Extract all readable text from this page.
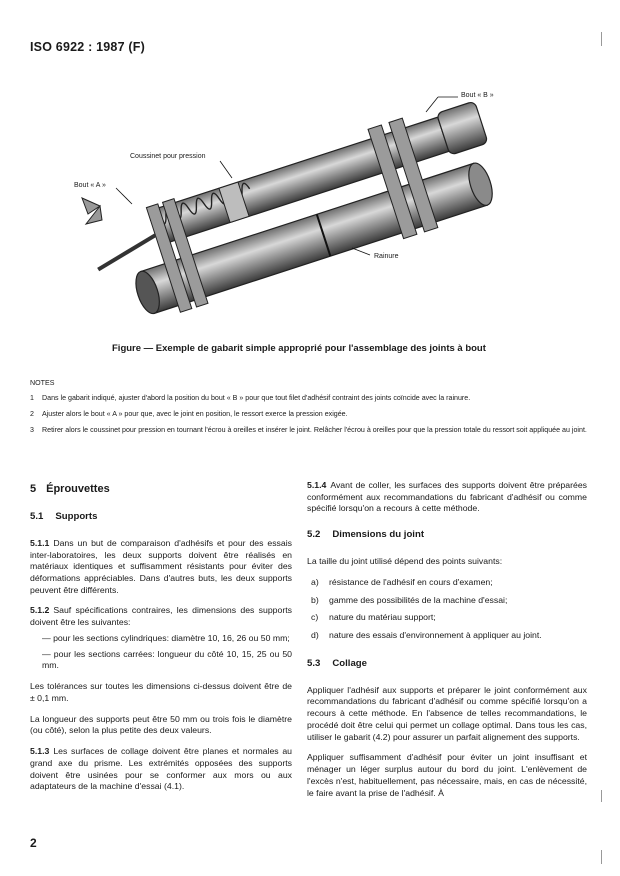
ISO 6922 : 1987 (F)
Bout « B »
Coussinet pour pression
Bout « A »
Rainure
Figure — Exemple de gabarit simple approprié pour l'assemblage des joints à bout
NOTES
1	Dans le gabarit indiqué, ajuster d'abord la position du bout « B » pour que tout filet d'adhésif contraint des joints coïncide avec la rainure.
2	Ajuster alors le bout « A » pour que, avec le joint en position, le ressort exerce la pression exigée.
3	Retirer alors le coussinet pour pression en tournant l'écrou à oreilles et insérer le joint. Relâcher l'écrou à oreilles pour que la pression totale du ressort soit appliquée au joint.
5 Éprouvettes
5.1 Supports

5.1.1 Dans un but de comparaison d'adhésifs et pour des essais inter-laboratoires, les deux supports doivent être réalisés en matériaux identiques et suffisamment résistants pour éviter des déformations appréciables. Dans d'autres buts, les deux supports peuvent être différents.

5.1.2 Sauf spécifications contraires, les dimensions des supports doivent être les suivantes:

— pour les sections cylindriques: diamètre 10, 16, 26 ou 50 mm;

— pour les sections carrées: longueur du côté 10, 15, 25 ou 50 mm.

Les tolérances sur toutes les dimensions ci-dessus doivent être de ± 0,1 mm.

La longueur des supports peut être 50 mm ou trois fois le diamètre (ou côté), selon la plus petite des deux valeurs.

5.1.3 Les surfaces de collage doivent être planes et normales au grand axe du prisme. Les extrémités opposées des supports doivent être usinées pour se conformer aux mors ou aux adaptateurs de la machine d'essai (4.1).

5.1.4 Avant de coller, les surfaces des supports doivent être préparées conformément aux recommandations du fabricant d'adhésif ou comme spécifié lorsqu'on a recours à cette méthode.

5.2 Dimensions du joint

La taille du joint utilisé dépend des points suivants:

a)	résistance de l'adhésif en cours d'examen;
b)	gamme des possibilités de la machine d'essai;
c)	nature du matériau support;
d)	nature des essais d'environnement à appliquer au joint.
5.3 Collage

Appliquer l'adhésif aux supports et préparer le joint conformément aux recommandations du fabricant d'adhésif ou comme spécifié lorsqu'on a recours à cette méthode. En l'absence de telles recommandations, le procédé doit être celui qui permet un collage optimal. Dans tous les cas, utiliser le gabarit (4.2) pour assurer un parfait alignement des supports.

Appliquer suffisamment d'adhésif pour éviter un joint insuffisant et ménager un léger surplus autour du bord du joint. L'enlèvement de l'excès n'est, habituellement, pas nécessaire, mais, en cas de nécessité, le faire avant la prise de l'adhésif. À

2
